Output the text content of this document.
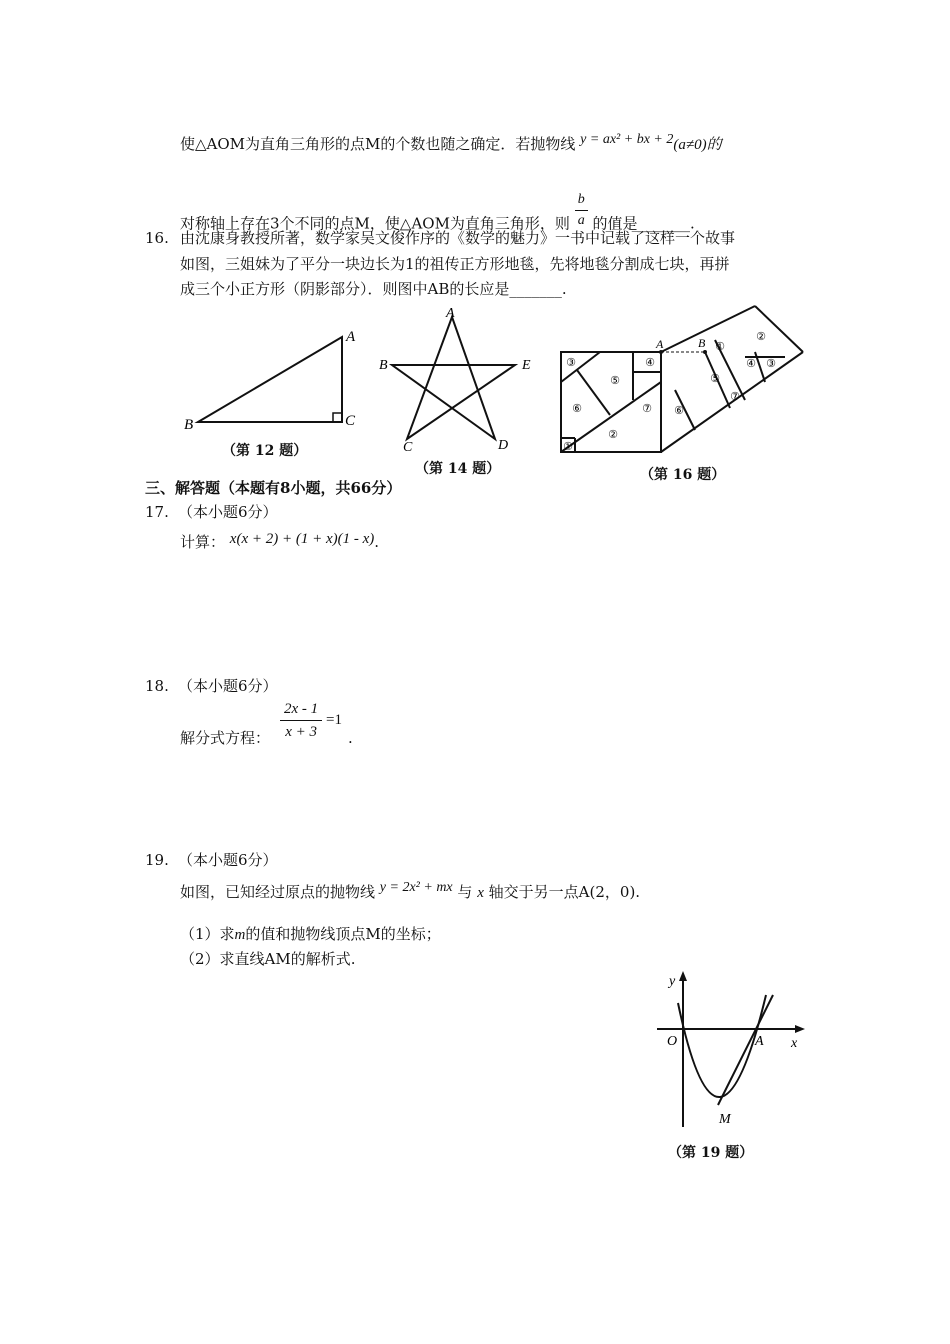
使△AOM为直角三角形的点M的个数也随之确定．若抛物线 y = ax² + bx + 2(a≠0)的
对称轴上存在3个不同的点M，使△AOM为直角三角形，则 $\frac{b}{a}$ 的值是_______.
16. 由沈康身教授所著，数学家吴文俊作序的《数学的魅力》一书中记载了这样一个故事
如图，三姐妹为了平分一块边长为1的祖传正方形地毯，先将地毯分割成七块，再拼
成三个小正方形（阴影部分）．则图中AB的长应是_______.
A
B	C
（第 12 题）
A
B
C	D
E
（第 14 题）
A	B
③
⑤
④
⑥	⑦
②
①
⑥
⑤
①
④ ③
②
⑦
（第 16 题）
三、解答题（本题有8小题，共66分）
17. （本小题6分）
计算： x(x + 2) + (1 + x)(1 - x).
18. （本小题6分）
解分式方程： $\frac{2x - 1}{x + 3} =1$
.
19. （本小题6分）
如图，已知经过原点的抛物线 y = 2x² + mx 与 x 轴交于另一点A(2，0).
（1）求m的值和抛物线顶点M的坐标；
（2）求直线AM的解析式.
y
x
O	A
M
（第 19 题）
